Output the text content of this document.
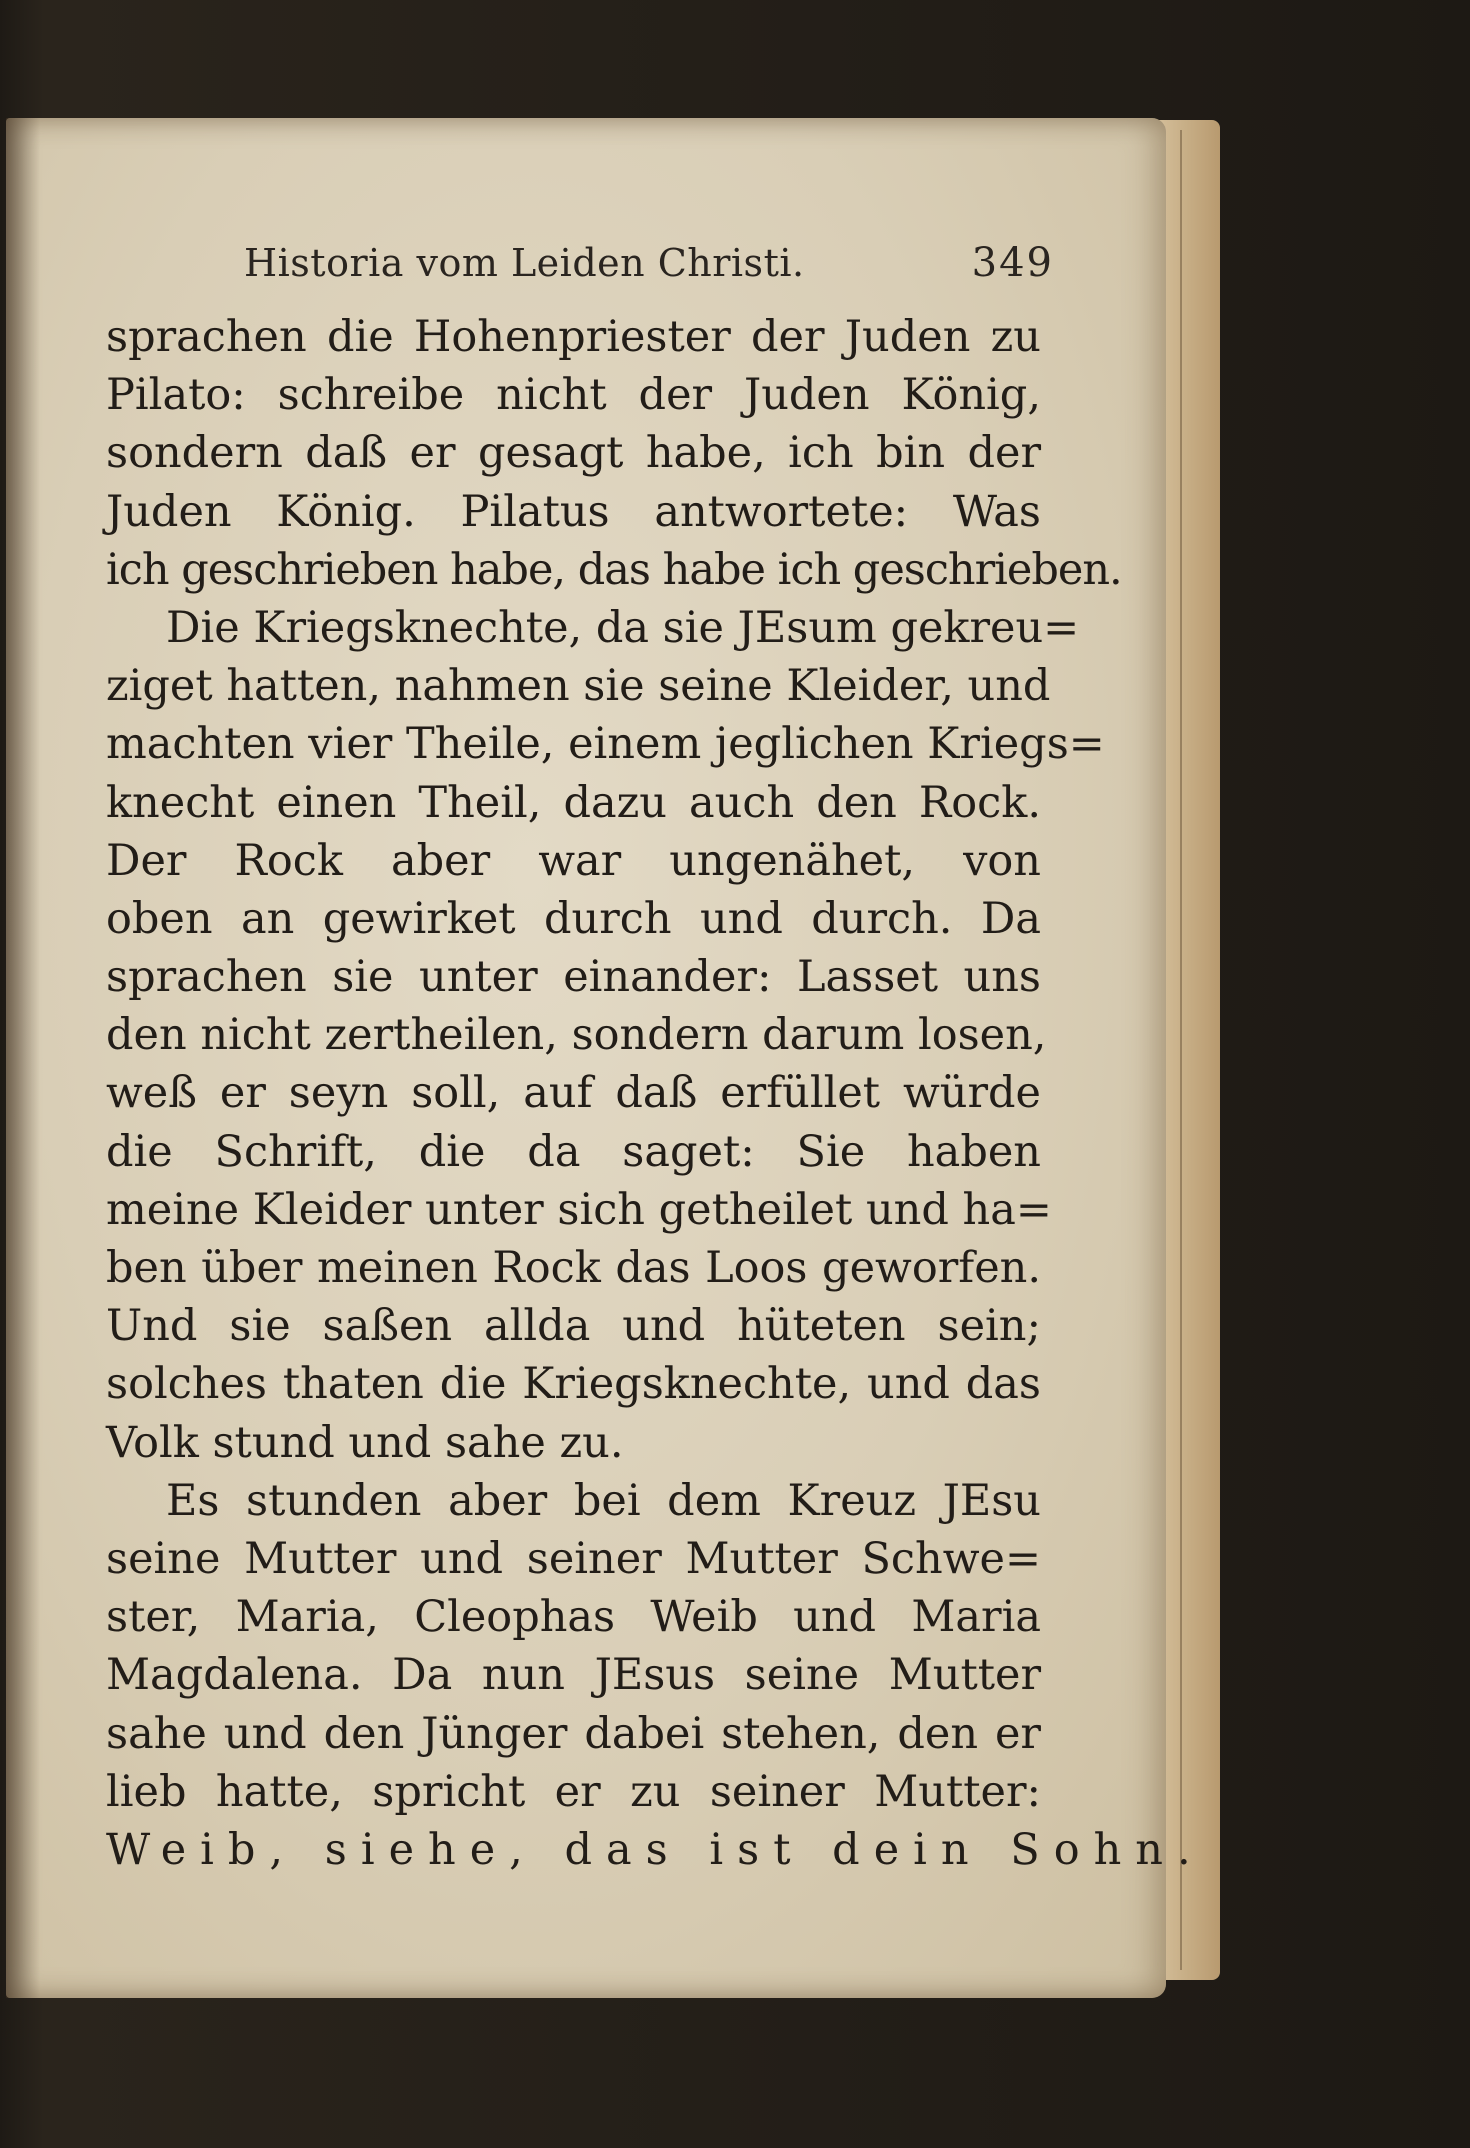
Historia vom Leiden Christi.	349
sprachen die Hohenpriester der Juden zu
Pilato: schreibe nicht der Juden König,
sondern daß er gesagt habe, ich bin der
Juden König. Pilatus antwortete: Was
ich geschrieben habe, das habe ich geschrieben.
Die Kriegsknechte, da sie JEsum gekreu=
ziget hatten, nahmen sie seine Kleider, und
machten vier Theile, einem jeglichen Kriegs=
knecht einen Theil, dazu auch den Rock.
Der Rock aber war ungenähet, von
oben an gewirket durch und durch. Da
sprachen sie unter einander: Lasset uns
den nicht zertheilen, sondern darum losen,
weß er seyn soll, auf daß erfüllet würde
die Schrift, die da saget: Sie haben
meine Kleider unter sich getheilet und ha=
ben über meinen Rock das Loos geworfen.
Und sie saßen allda und hüteten sein;
solches thaten die Kriegsknechte, und das
Volk stund und sahe zu.
Es stunden aber bei dem Kreuz JEsu
seine Mutter und seiner Mutter Schwe=
ster, Maria, Cleophas Weib und Maria
Magdalena. Da nun JEsus seine Mutter
sahe und den Jünger dabei stehen, den er
lieb hatte, spricht er zu seiner Mutter:
Weib, siehe, das ist dein Sohn.
